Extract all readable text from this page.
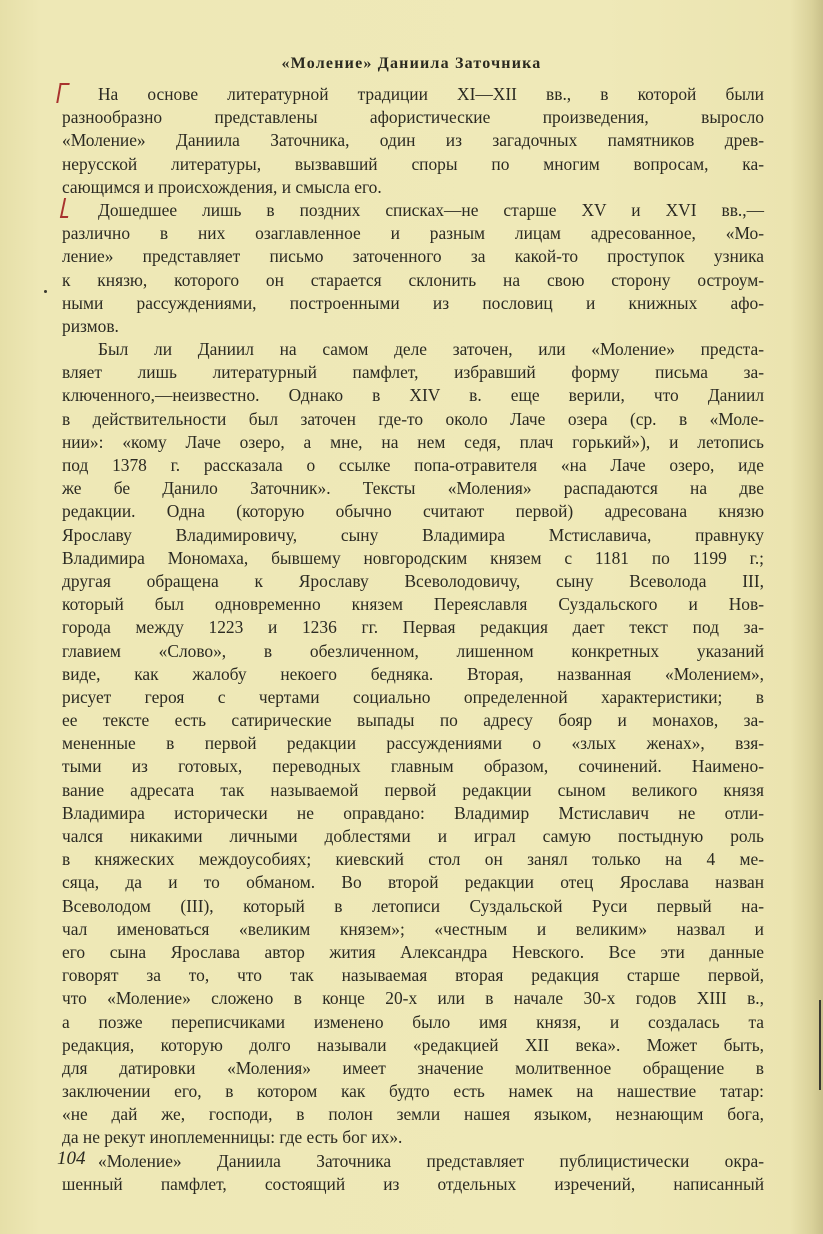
«Моление» Даниила Заточника
На основе литературной традиции XI—XII вв., в которой были
разнообразно представлены афористические произведения, выросло
«Моление» Даниила Заточника, один из загадочных памятников древ-
нерусской литературы, вызвавший споры по многим вопросам, ка-
сающимся и происхождения, и смысла его.
Дошедшее лишь в поздних списках—не старше XV и XVI вв.,—
различно в них озаглавленное и разным лицам адресованное, «Мо-
ление» представляет письмо заточенного за какой-то проступок узника
к князю, которого он старается склонить на свою сторону остроум-
ными рассуждениями, построенными из пословиц и книжных афо-
ризмов.
Был ли Даниил на самом деле заточен, или «Моление» предста-
вляет лишь литературный памфлет, избравший форму письма за-
ключенного,—неизвестно. Однако в XIV в. еще верили, что Даниил
в действительности был заточен где-то около Лаче озера (ср. в «Моле-
нии»: «кому Лаче озеро, а мне, на нем седя, плач горький»), и летопись
под 1378 г. рассказала о ссылке попа-отравителя «на Лаче озеро, иде
же бе Данило Заточник». Тексты «Моления» распадаются на две
редакции. Одна (которую обычно считают первой) адресована князю
Ярославу Владимировичу, сыну Владимира Мстиславича, правнуку
Владимира Мономаха, бывшему новгородским князем с 1181 по 1199 г.;
другая обращена к Ярославу Всеволодовичу, сыну Всеволода III,
который был одновременно князем Переяславля Суздальского и Нов-
города между 1223 и 1236 гг. Первая редакция дает текст под за-
главием «Слово», в обезличенном, лишенном конкретных указаний
виде, как жалобу некоего бедняка. Вторая, названная «Молением»,
рисует героя с чертами социально определенной характеристики; в
ее тексте есть сатирические выпады по адресу бояр и монахов, за-
мененные в первой редакции рассуждениями о «злых женах», взя-
тыми из готовых, переводных главным образом, сочинений. Наимено-
вание адресата так называемой первой редакции сыном великого князя
Владимира исторически не оправдано: Владимир Мстиславич не отли-
чался никакими личными доблестями и играл самую постыдную роль
в княжеских междоусобиях; киевский стол он занял только на 4 ме-
сяца, да и то обманом. Во второй редакции отец Ярослава назван
Всеволодом (III), который в летописи Суздальской Руси первый на-
чал именоваться «великим князем»; «честным и великим» назвал и
его сына Ярослава автор жития Александра Невского. Все эти данные
говорят за то, что так называемая вторая редакция старше первой,
что «Моление» сложено в конце 20-х или в начале 30-х годов XIII в.,
а позже переписчиками изменено было имя князя, и создалась та
редакция, которую долго называли «редакцией XII века». Может быть,
для датировки «Моления» имеет значение молитвенное обращение в
заключении его, в котором как будто есть намек на нашествие татар:
«не дай же, господи, в полон земли нашея языком, незнающим бога,
да не рекут иноплеменницы: где есть бог их».
«Моление» Даниила Заточника представляет публицистически окра-
шенный памфлет, состоящий из отдельных изречений, написанный
104
